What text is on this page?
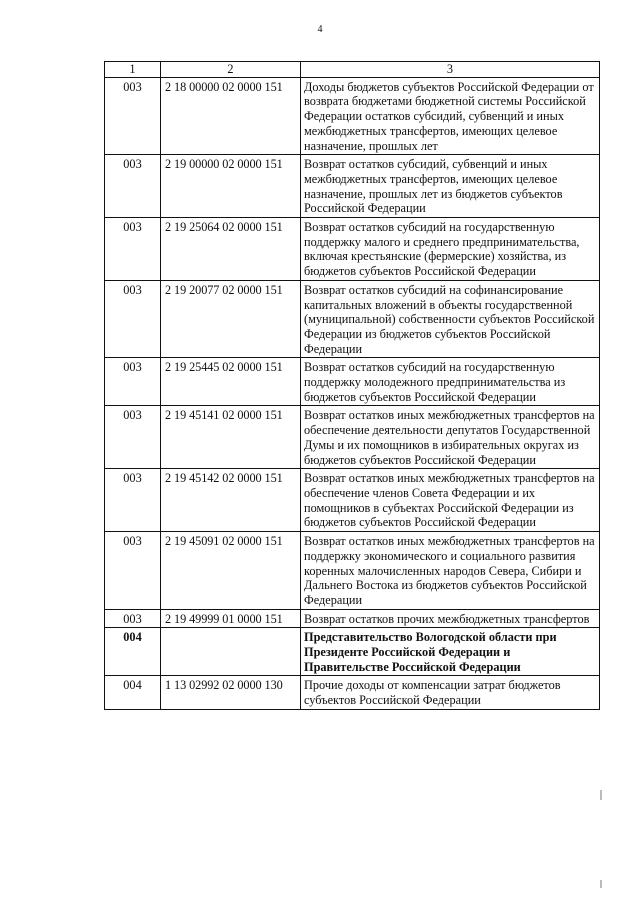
4
1	2	3
003	2 18 00000 02 0000 151	Доходы бюджетов субъектов Российской Федерации от возврата бюджетами бюджетной системы Российской Федерации остатков субсидий, субвенций и иных межбюджетных трансфертов, имеющих целевое назначение, прошлых лет
003	2 19 00000 02 0000 151	Возврат остатков субсидий, субвенций и иных межбюджетных трансфертов, имеющих целевое назначение, прошлых лет из бюджетов субъектов Российской Федерации
003	2 19 25064 02 0000 151	Возврат остатков субсидий на государственную поддержку малого и среднего предпринимательства, включая крестьянские (фермерские) хозяйства, из бюджетов субъектов Российской Федерации
003	2 19 20077 02 0000 151	Возврат остатков субсидий на софинансирование капитальных вложений в объекты государственной (муниципальной) собственности субъектов Российской Федерации из бюджетов субъектов Российской Федерации
003	2 19 25445 02 0000 151	Возврат остатков субсидий на государственную поддержку молодежного предпринимательства из бюджетов субъектов Российской Федерации
003	2 19 45141 02 0000 151	Возврат остатков иных межбюджетных трансфертов на обеспечение деятельности депутатов Государственной Думы и их помощников в избирательных округах из бюджетов субъектов Российской Федерации
003	2 19 45142 02 0000 151	Возврат остатков иных межбюджетных трансфертов на обеспечение членов Совета Федерации и их помощников в субъектах Российской Федерации из бюджетов субъектов Российской Федерации
003	2 19 45091 02 0000 151	Возврат остатков иных межбюджетных трансфертов на поддержку экономического и социального развития коренных малочисленных народов Севера, Сибири и Дальнего Востока из бюджетов субъектов Российской Федерации
003	2 19 49999 01 0000 151	Возврат остатков прочих межбюджетных трансфертов
004		Представительство Вологодской области при Президенте Российской Федерации и Правительстве Российской Федерации
004	1 13 02992 02 0000 130	Прочие доходы от компенсации затрат бюджетов субъектов Российской Федерации
